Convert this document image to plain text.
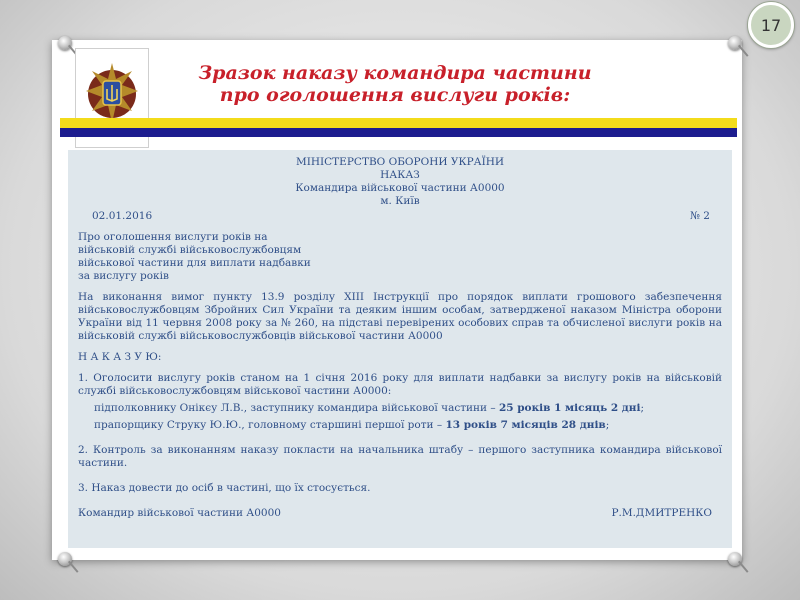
17
Зразок наказу командира частини
про оголошення вислуги років:
МІНІСТЕРСТВО ОБОРОНИ УКРАЇНИ
НАКАЗ
Командира військової частини А0000
м. Київ
02.01.2016	№ 2
Про оголошення вислуги років на
військовій службі військовослужбовцям
військової частини для виплати надбавки
за вислугу років
На виконання вимог пункту 13.9 розділу XIII Інструкції про порядок виплати грошового забезпечення військовослужбовцям Збройних Сил України та деяким іншим особам, затвердженої наказом Міністра оборони України від 11 червня 2008 року за № 260, на підставі перевірених особових справ та обчисленої вислуги років на військовій службі військовослужбовців військової частини А0000
Н А К А З У Ю:
1. Оголосити вислугу років станом на 1 січня 2016 року для виплати надбавки за вислугу років на військовій службі військовослужбовцям військової частини А0000:
підполковнику Онікєу Л.В., заступнику командира військової частини – 25 років 1 місяць 2 дні;
прапорщику Струку Ю.Ю., головному старшині першої роти – 13 років 7 місяців 28 днів;
2. Контроль за виконанням наказу покласти на начальника штабу – першого заступника командира військової частини.
3. Наказ довести до осіб в частині, що їх стосується.
Командир військової частини А0000	Р.М.ДМИТРЕНКО
